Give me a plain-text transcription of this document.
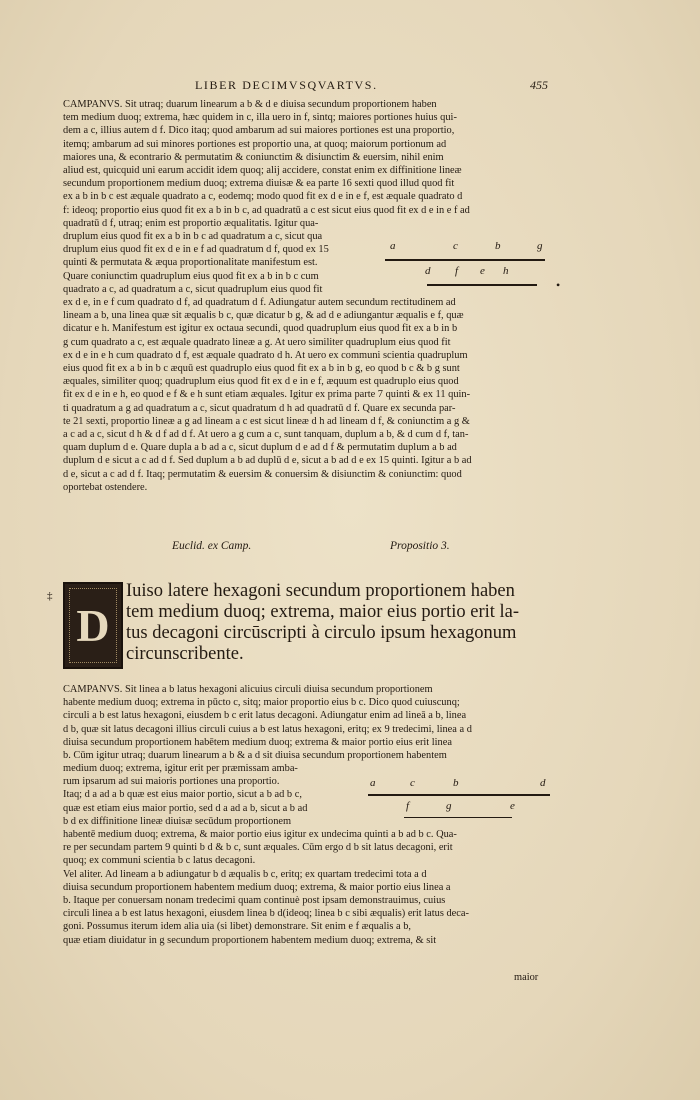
LIBER DECIMVSQVARTVS.	455
CAMPANVS. Sit utraq; duarum linearum a b & d e diuisa secundum proportionem haben
tem medium duoq; extrema, hæc quidem in c, illa uero in f, sintq; maiores portiones huius qui-
dem a c, illius autem d f. Dico itaq; quod ambarum ad sui maiores portiones est una proportio,
itemq; ambarum ad sui minores portiones est proportio una, at quoq; maiorum portionum ad
maiores una, & econtrario & permutatim & coniunctim & disiunctim & euersim, nihil enim
aliud est, quicquid uni earum accidit idem quoq; alij accidere, constat enim ex diffinitione lineæ
secundum proportionem medium duoq; extrema diuisæ & ea parte 16 sexti quod illud quod fit
ex a b in b c est æquale quadrato a c, eodemq; modo quod fit ex d e in e f, est æquale quadrato d
f: ideoq; proportio eius quod fit ex a b in b c, ad quadratū a c est sicut eius quod fit ex d e in e f ad
quadratū d f, utraq; enim est proportio æqualitatis. Igitur qua-
druplum eius quod fit ex a b in b c ad quadratum a c, sicut qua
druplum eius quod fit ex d e in e f ad quadratum d f, quod ex 15
quinti & permutata & æqua proportionalitate manifestum est.
Quare coniunctim quadruplum eius quod fit ex a b in b c cum
quadrato a c, ad quadratum a c, sicut quadruplum eius quod fit
ex d e, in e f cum quadrato d f, ad quadratum d f. Adiungatur autem secundum rectitudinem ad
lineam a b, una linea quæ sit æqualis b c, quæ dicatur b g, & ad d e adiungantur æqualis e f, quæ
dicatur e h. Manifestum est igitur ex octaua secundi, quod quadruplum eius quod fit ex a b in b
g cum quadrato a c, est æquale quadrato lineæ a g. At uero similiter quadruplum eius quod fit
ex d e in e h cum quadrato d f, est æquale quadrato d h. At uero ex communi scientia quadruplum
eius quod fit ex a b in b c æquū est quadruplo eius quod fit ex a b in b g, eo quod b c & b g sunt
æquales, similiter quoq; quadruplum eius quod fit ex d e in e f, æquum est quadruplo eius quod
fit ex d e in e h, eo quod e f & e h sunt etiam æquales. Igitur ex prima parte 7 quinti & ex 11 quin-
ti quadratum a g ad quadratum a c, sicut quadratum d h ad quadratū d f. Quare ex secunda par-
te 21 sexti, proportio lineæ a g ad lineam a c est sicut lineæ d h ad lineam d f, & coniunctim a g &
a c ad a c, sicut d h & d f ad d f. At uero a g cum a c, sunt tanquam, duplum a b, & d cum d f, tan-
quam duplum d e. Quare dupla a b ad a c, sicut duplum d e ad d f & permutatim duplum a b ad
duplum d e sicut a c ad d f. Sed duplum a b ad duplū d e, sicut a b ad d e ex 15 quinti. Igitur a b ad
d e, sicut a c ad d f. Itaq; permutatim & euersim & conuersim & disiunctim & coniunctim: quod
oportebat ostendere.
a	c	b	g
d f e h
•
Euclid. ex Camp.	Propositio 3.
‡
D
Iuiso latere hexagoni secundum proportionem haben
tem medium duoq; extrema, maior eius portio erit la-
tus decagoni circūscripti à circulo ipsum hexagonum
circunscribente.
CAMPANVS. Sit linea a b latus hexagoni alicuius circuli diuisa secundum proportionem
habente medium duoq; extrema in pūcto c, sitq; maior proportio eius b c. Dico quod cuiuscunq;
circuli a b est latus hexagoni, eiusdem b c erit latus decagoni. Adiungatur enim ad lineā a b, linea
d b, quæ sit latus decagoni illius circuli cuius a b est latus hexagoni, eritq; ex 9 tredecimi, linea a d
diuisa secundum proportionem habētem medium duoq; extrema & maior portio eius erit linea
b. Cūm igitur utraq; duarum linearum a b & a d sit diuisa secundum proportionem habentem
medium duoq; extrema, igitur erit per præmissam amba-
rum ipsarum ad sui maioris portiones una proportio.
Itaq; d a ad a b quæ est eius maior portio, sicut a b ad b c,
quæ est etiam eius maior portio, sed d a ad a b, sicut a b ad
b d ex diffinitione lineæ diuisæ secūdum proportionem
habentē medium duoq; extrema, & maior portio eius igitur ex undecima quinti a b ad b c. Qua-
re per secundam partem 9 quinti b d & b c, sunt æquales. Cūm ergo d b sit latus decagoni, erit
quoq; ex communi scientia b c latus decagoni.
Vel aliter. Ad lineam a b adiungatur b d æqualis b c, eritq; ex quartam tredecimi tota a d
diuisa secundum proportionem habentem medium duoq; extrema, & maior portio eius linea a
b. Itaque per conuersam nonam tredecimi quam continuè post ipsam demonstrauimus, cuius
circuli linea a b est latus hexagoni, eiusdem linea b d(ideoq; linea b c sibi æqualis) erit latus deca-
goni. Possumus iterum idem alia uia (si libet) demonstrare. Sit enim e f æqualis a b,
quæ etiam diuidatur in g secundum proportionem habentem medium duoq; extrema, & sit
a	c	b	d
f	g	e
maior
